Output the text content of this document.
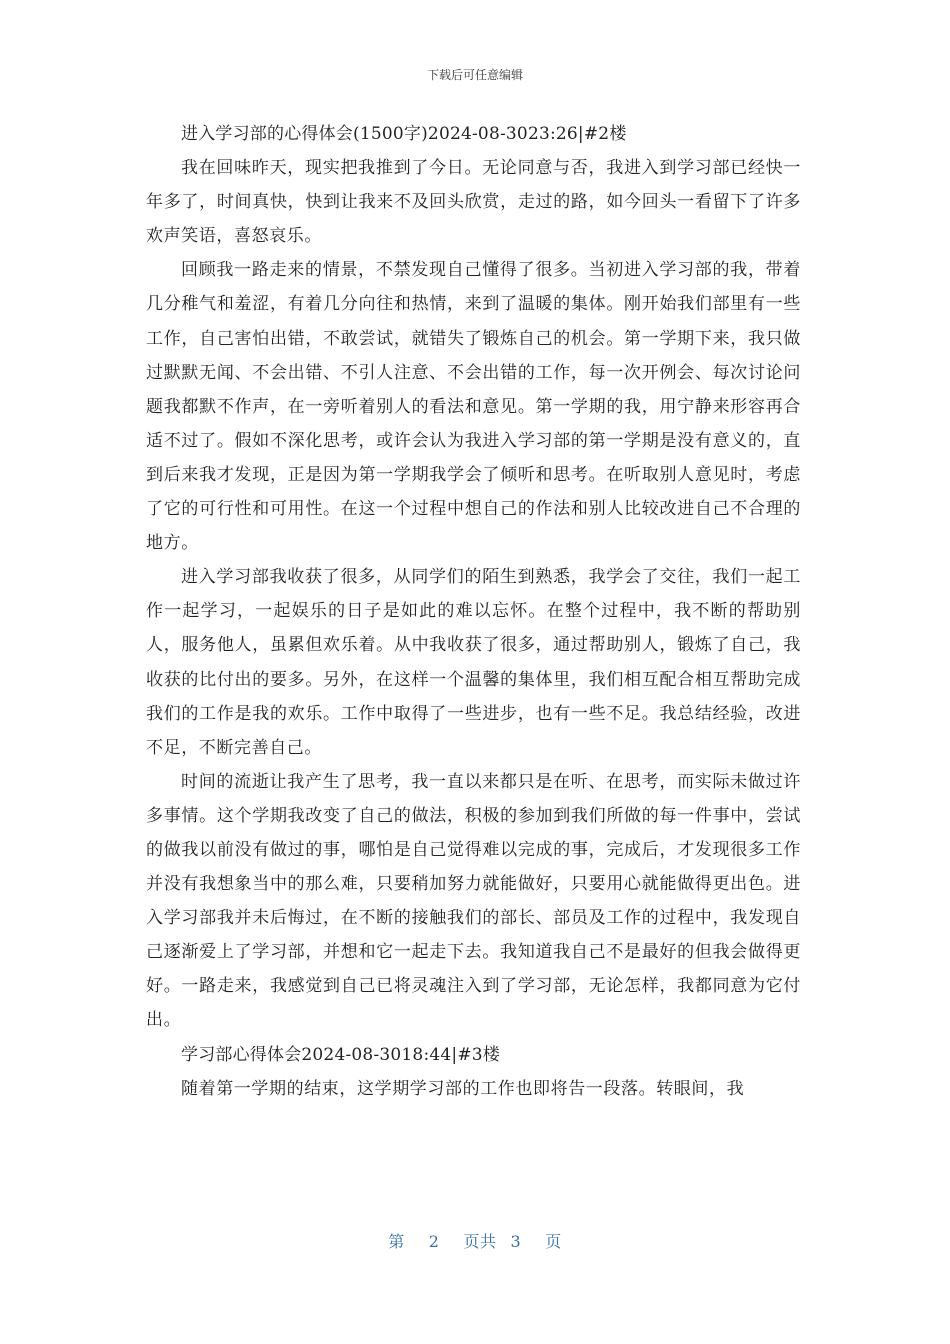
下载后可任意编辑

进入学习部的心得体会(1500字)2024-08-3023:26|#2楼

我在回味昨天，现实把我推到了今日。无论同意与否，我进入到学习部已经快一年多了，时间真快，快到让我来不及回头欣赏，走过的路，如今回头一看留下了许多欢声笑语，喜怒哀乐。

回顾我一路走来的情景，不禁发现自己懂得了很多。当初进入学习部的我，带着几分稚气和羞涩，有着几分向往和热情，来到了温暖的集体。刚开始我们部里有一些工作，自己害怕出错，不敢尝试，就错失了锻炼自己的机会。第一学期下来，我只做过默默无闻、不会出错、不引人注意、不会出错的工作，每一次开例会、每次讨论问题我都默不作声，在一旁听着别人的看法和意见。第一学期的我，用宁静来形容再合适不过了。假如不深化思考，或许会认为我进入学习部的第一学期是没有意义的，直到后来我才发现，正是因为第一学期我学会了倾听和思考。在听取别人意见时，考虑了它的可行性和可用性。在这一个过程中想自己的作法和别人比较改进自己不合理的地方。

进入学习部我收获了很多，从同学们的陌生到熟悉，我学会了交往，我们一起工作一起学习，一起娱乐的日子是如此的难以忘怀。在整个过程中，我不断的帮助别人，服务他人，虽累但欢乐着。从中我收获了很多，通过帮助别人，锻炼了自己，我收获的比付出的要多。另外，在这样一个温馨的集体里，我们相互配合相互帮助完成我们的工作是我的欢乐。工作中取得了一些进步，也有一些不足。我总结经验，改进不足，不断完善自己。

时间的流逝让我产生了思考，我一直以来都只是在听、在思考，而实际未做过许多事情。这个学期我改变了自己的做法，积极的参加到我们所做的每一件事中，尝试的做我以前没有做过的事，哪怕是自己觉得难以完成的事，完成后，才发现很多工作并没有我想象当中的那么难，只要稍加努力就能做好，只要用心就能做得更出色。进入学习部我并未后悔过，在不断的接触我们的部长、部员及工作的过程中，我发现自己逐渐爱上了学习部，并想和它一起走下去。我知道我自己不是最好的但我会做得更好。一路走来，我感觉到自己已将灵魂注入到了学习部，无论怎样，我都同意为它付出。

学习部心得体会2024-08-3018:44|#3楼

随着第一学期的结束，这学期学习部的工作也即将告一段落。转眼间，我

第 2 页共 3 页
